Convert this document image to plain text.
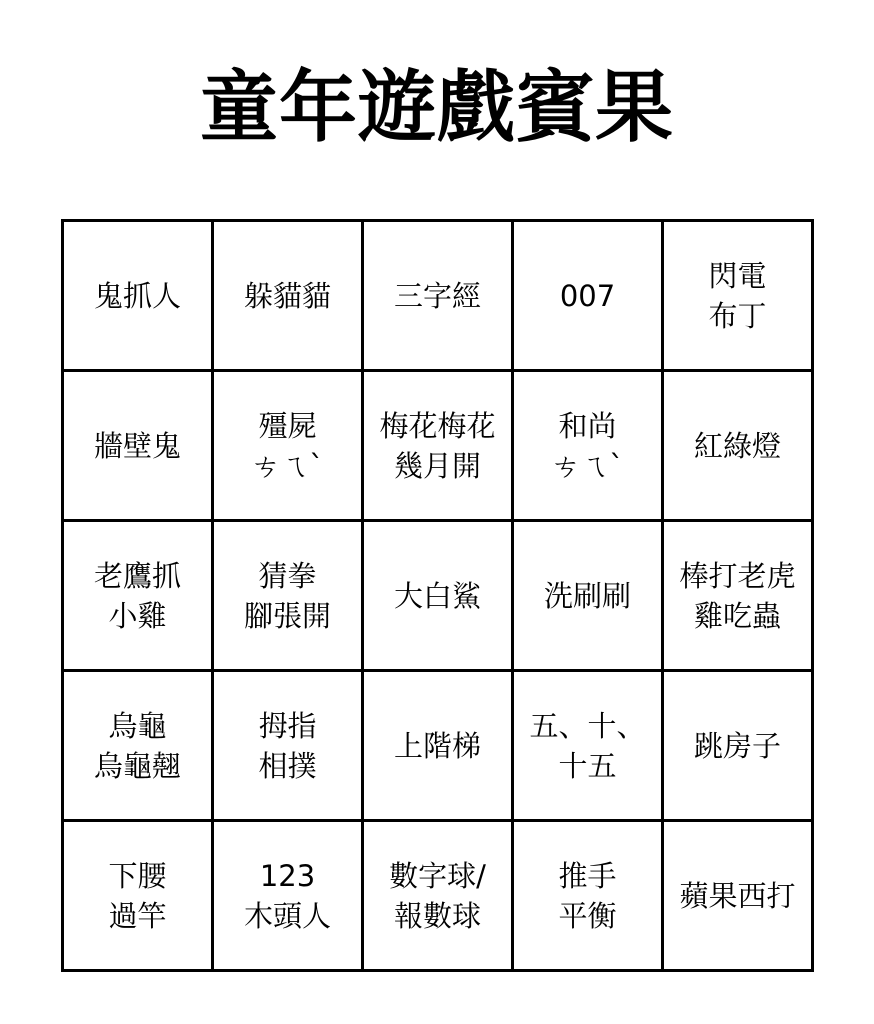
童年遊戲賓果
鬼抓人 躲貓貓 三字經	007
閃電
布丁
牆壁鬼
殭屍
ㄘㄟˋ
梅花梅花
幾月開
和尚
ㄘㄟˋ
紅綠燈
老鷹抓
小雞
猜拳
腳張開
大白鯊 洗刷刷
棒打老虎
雞吃蟲
烏龜
烏龜翹
拇指
相撲
上階梯
五、十、
十五
跳房子
下腰
過竿
123
木頭人
數字球/
報數球
推手
平衡
蘋果西打
